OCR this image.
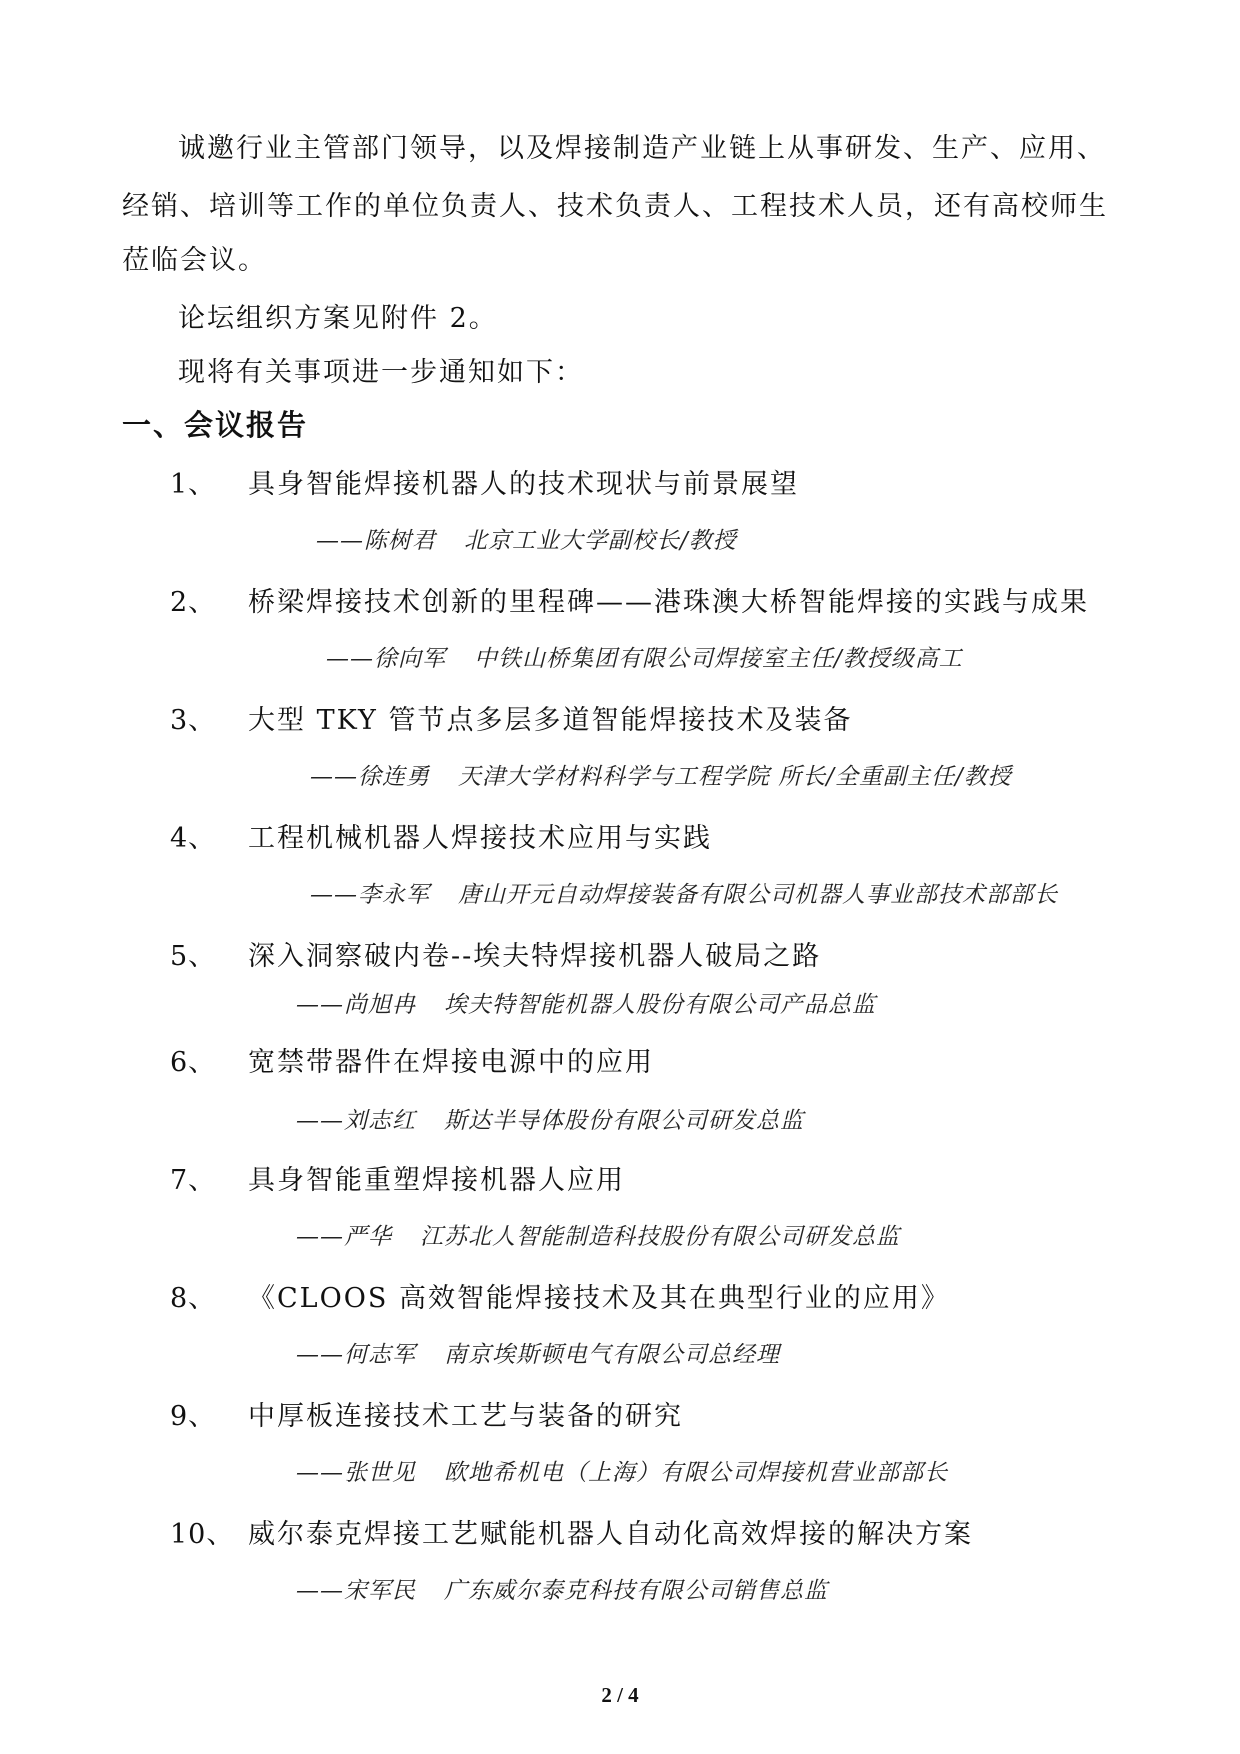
诚邀行业主管部门领导，以及焊接制造产业链上从事研发、生产、应用、
经销、培训等工作的单位负责人、技术负责人、工程技术人员，还有高校师生
莅临会议。
论坛组织方案见附件 2。
现将有关事项进一步通知如下：
一、会议报告
1、 具身智能焊接机器人的技术现状与前景展望
——陈树君 北京工业大学副校长/教授
2、 桥梁焊接技术创新的里程碑——港珠澳大桥智能焊接的实践与成果
——徐向军 中铁山桥集团有限公司焊接室主任/教授级高工
3、 大型 TKY 管节点多层多道智能焊接技术及装备
——徐连勇 天津大学材料科学与工程学院 所长/全重副主任/教授
4、 工程机械机器人焊接技术应用与实践
——李永军 唐山开元自动焊接装备有限公司机器人事业部技术部部长
5、 深入洞察破内卷--埃夫特焊接机器人破局之路
——尚旭冉 埃夫特智能机器人股份有限公司产品总监
6、 宽禁带器件在焊接电源中的应用
——刘志红 斯达半导体股份有限公司研发总监
7、 具身智能重塑焊接机器人应用
——严华 江苏北人智能制造科技股份有限公司研发总监
8、 《CLOOS 高效智能焊接技术及其在典型行业的应用》
——何志军 南京埃斯顿电气有限公司总经理
9、 中厚板连接技术工艺与装备的研究
——张世见 欧地希机电（上海）有限公司焊接机营业部部长
10、 威尔泰克焊接工艺赋能机器人自动化高效焊接的解决方案
——宋军民 广东威尔泰克科技有限公司销售总监
2 / 4
